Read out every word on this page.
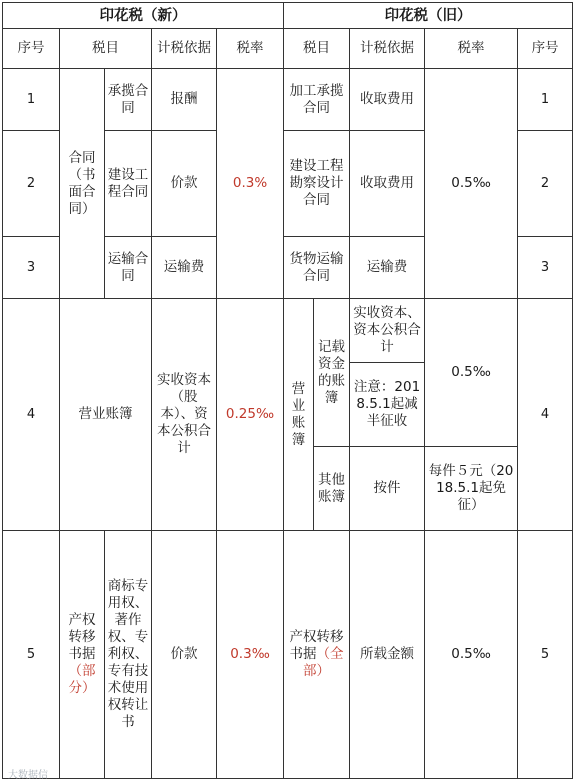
印花税（新）					印花税（旧）				
序号	税目		计税依据	税率	税目		计税依据	税率	序号
1	合同（书面合同）	承揽合同	报酬	0.3%	加工承揽合同		收取费用	0.5‰	1
2		建设工程合同	价款		建设工程勘察设计合同		收取费用		2
3		运输合同	运输费		货物运输合同		运输费		3
4	营业账簿		实收资本（股本）、资本公积合计	0.25‰	营业账簿	记载资金的账簿	实收资本、资本公积合计	0.5‰	4
							注意：2018.5.1起减半征收		
						其他账簿	按件	每件５元（2018.5.1起免征）	
5	产权转移书据（部分）	商标专用权、著作权、专利权、专有技术使用权转让书	价款	0.3‰	产权转移书据（全部）		所载金额	0.5‰	5
大数据信
